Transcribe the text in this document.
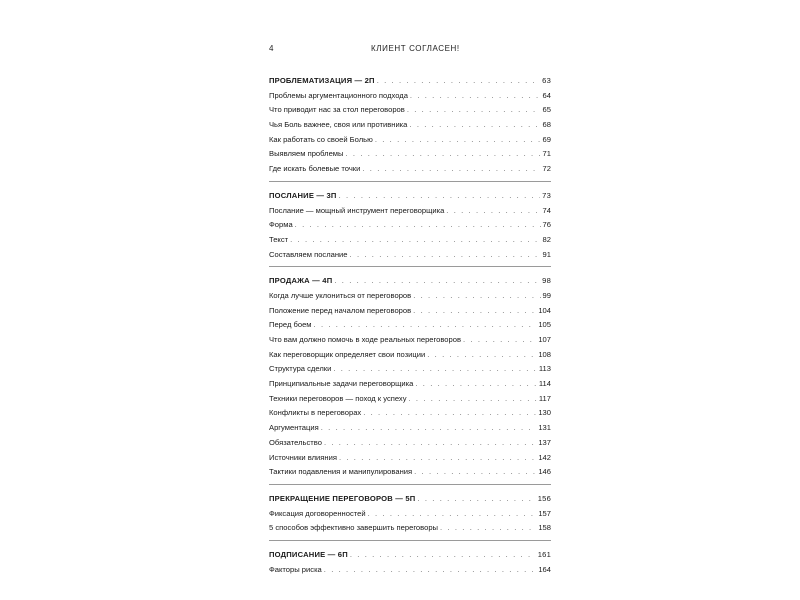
4	КЛИЕНТ СОГЛАСЕН!
ПРОБЛЕМАТИЗАЦИЯ — 2П . . .	63
Проблемы аргументационного подхода . . .	64
Что приводит нас за стол переговоров . . .	65
Чья Боль важнее, своя или противника . . .	68
Как работать со своей Болью . . .	69
Выявляем проблемы . . .	71
Где искать болевые точки . . .	72
ПОСЛАНИЕ — 3П . . .	73
Послание — мощный инструмент переговорщика . . .	74
Форма . . .	76
Текст . . .	82
Составляем послание . . .	91
ПРОДАЖА — 4П . . .	98
Когда лучше уклониться от переговоров . . .	99
Положение перед началом переговоров . . .	104
Перед боем . . .	105
Что вам должно помочь в ходе реальных переговоров . . .	107
Как переговорщик определяет свои позиции . . .	108
Структура сделки . . .	113
Принципиальные задачи переговорщика . . .	114
Техники переговоров — поход к успеху . . .	117
Конфликты в переговорах . . .	130
Аргументация . . .	131
Обязательство . . .	137
Источники влияния . . .	142
Тактики подавления и манипулирования . . .	146
ПРЕКРАЩЕНИЕ ПЕРЕГОВОРОВ — 5П . . .	156
Фиксация договоренностей . . .	157
5 способов эффективно завершить переговоры . . .	158
ПОДПИСАНИЕ — 6П . . .	161
Факторы риска . . .	164
